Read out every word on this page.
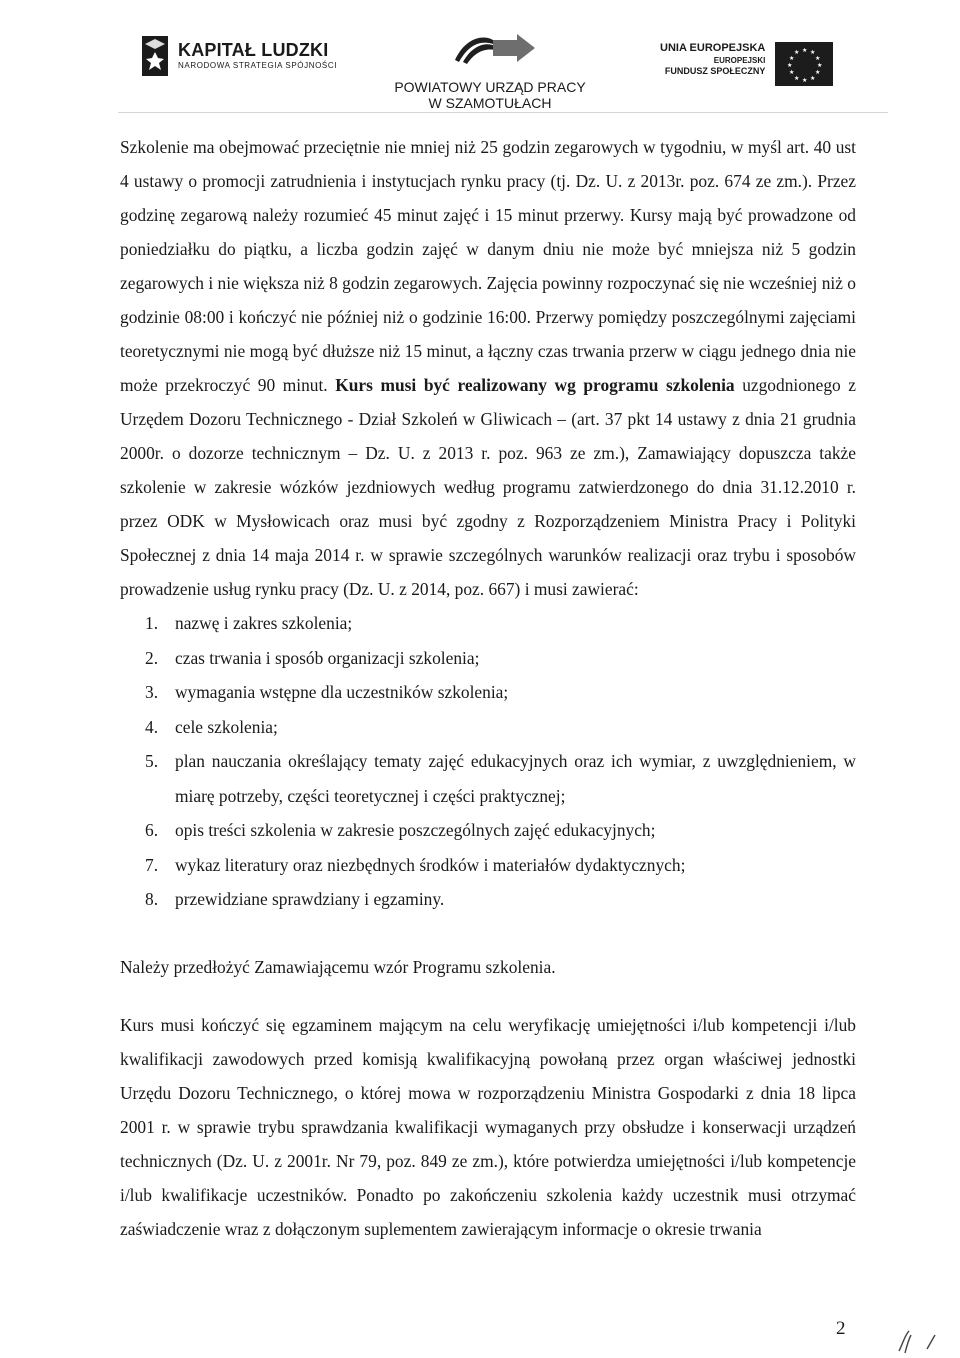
KAPITAŁ LUDZKI
NARODOWA STRATEGIA SPÓJNOŚCI
POWIATOWY URZĄD PRACY
W SZAMOTUŁACH
UNIA EUROPEJSKA
EUROPEJSKI
FUNDUSZ SPOŁECZNY
★ ★
★
★
★
★
★
★
★
★
★
★

Szkolenie ma obejmować przeciętnie nie mniej niż 25 godzin zegarowych w tygodniu, w myśl art. 40 ust 4 ustawy o promocji zatrudnienia i instytucjach rynku pracy (tj. Dz. U. z 2013r. poz. 674 ze zm.). Przez godzinę zegarową należy rozumieć 45 minut zajęć i 15 minut przerwy. Kursy mają być prowadzone od poniedziałku do piątku, a liczba godzin zajęć w danym dniu nie może być mniejsza niż 5 godzin zegarowych i nie większa niż 8 godzin zegarowych. Zajęcia powinny rozpoczynać się nie wcześniej niż o godzinie 08:00 i kończyć nie później niż o godzinie 16:00. Przerwy pomiędzy poszczególnymi zajęciami teoretycznymi nie mogą być dłuższe niż 15 minut, a łączny czas trwania przerw w ciągu jednego dnia nie może przekroczyć 90 minut. Kurs musi być realizowany wg programu szkolenia uzgodnionego z Urzędem Dozoru Technicznego - Dział Szkoleń w Gliwicach – (art. 37 pkt 14 ustawy z dnia 21 grudnia 2000r. o dozorze technicznym – Dz. U. z 2013 r. poz. 963 ze zm.), Zamawiający dopuszcza także szkolenie w zakresie wózków jezdniowych według programu zatwierdzonego do dnia 31.12.2010 r. przez ODK w Mysłowicach oraz musi być zgodny z Rozporządzeniem Ministra Pracy i Polityki Społecznej z dnia 14 maja 2014 r. w sprawie szczególnych warunków realizacji oraz trybu i sposobów prowadzenie usług rynku pracy (Dz. U. z 2014, poz. 667) i musi zawierać:

1. nazwę i zakres szkolenia;
2. czas trwania i sposób organizacji szkolenia;
3. wymagania wstępne dla uczestników szkolenia;
4. cele szkolenia;
5. plan nauczania określający tematy zajęć edukacyjnych oraz ich wymiar, z uwzględnieniem, w miarę potrzeby, części teoretycznej i części praktycznej;
6. opis treści szkolenia w zakresie poszczególnych zajęć edukacyjnych;
7. wykaz literatury oraz niezbędnych środków i materiałów dydaktycznych;
8. przewidziane sprawdziany i egzaminy.

Należy przedłożyć Zamawiającemu wzór Programu szkolenia.

Kurs musi kończyć się egzaminem mającym na celu weryfikację umiejętności i/lub kompetencji i/lub kwalifikacji zawodowych przed komisją kwalifikacyjną powołaną przez organ właściwej jednostki Urzędu Dozoru Technicznego, o której mowa w rozporządzeniu Ministra Gospodarki z dnia 18 lipca 2001 r. w sprawie trybu sprawdzania kwalifikacji wymaganych przy obsłudze i konserwacji urządzeń technicznych (Dz. U. z 2001r. Nr 79, poz. 849 ze zm.), które potwierdza umiejętności i/lub kompetencje i/lub kwalifikacje uczestników. Ponadto po zakończeniu szkolenia każdy uczestnik musi otrzymać zaświadczenie wraz z dołączonym suplementem zawierającym informacje o okresie trwania

2
